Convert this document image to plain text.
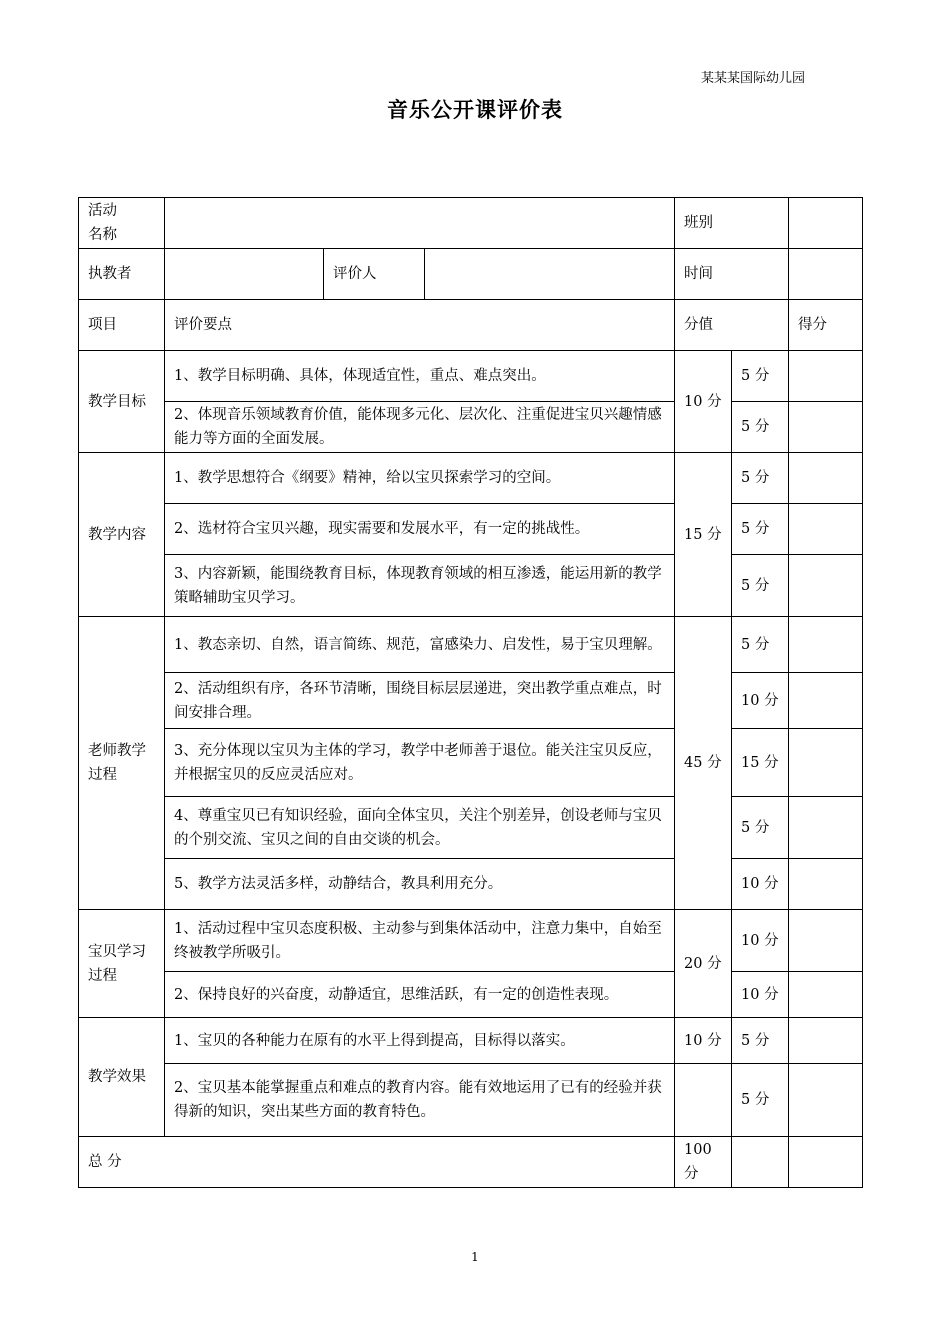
某某某国际幼儿园
音乐公开课评价表
活动
名称				班别		
执教者		评价人		时间		
项目	评价要点			分值		得分
教学目标	1、教学目标明确、具体，体现适宜性，重点、难点突出。			10 分	5 分	
	2、体现音乐领域教育价值，能体现多元化、层次化、注重促进宝贝兴趣情感能力等方面的全面发展。				5 分	
教学内容	1、教学思想符合《纲要》精神，给以宝贝探索学习的空间。			15 分	5 分	
	2、选材符合宝贝兴趣，现实需要和发展水平，有一定的挑战性。				5 分	
	3、内容新颖，能围绕教育目标，体现教育领域的相互渗透，能运用新的教学策略辅助宝贝学习。				5 分	
老师教学过程	1、教态亲切、自然，语言简练、规范，富感染力、启发性，易于宝贝理解。			45 分	5 分	
	2、活动组织有序，各环节清晰，围绕目标层层递进，突出教学重点难点，时间安排合理。				10 分	
	3、充分体现以宝贝为主体的学习，教学中老师善于退位。能关注宝贝反应，并根据宝贝的反应灵活应对。				15 分	
	4、尊重宝贝已有知识经验，面向全体宝贝，关注个别差异，创设老师与宝贝的个别交流、宝贝之间的自由交谈的机会。				5 分	
	5、教学方法灵活多样，动静结合，教具利用充分。				10 分	
宝贝学习过程	1、活动过程中宝贝态度积极、主动参与到集体活动中，注意力集中，自始至终被教学所吸引。			20 分	10 分	
	2、保持良好的兴奋度，动静适宜，思维活跃，有一定的创造性表现。				10 分	
教学效果	1、宝贝的各种能力在原有的水平上得到提高，目标得以落实。			10 分	5 分	
	2、宝贝基本能掌握重点和难点的教育内容。能有效地运用了已有的经验并获得新的知识，突出某些方面的教育特色。				5 分	
总 分				100 分		
1
